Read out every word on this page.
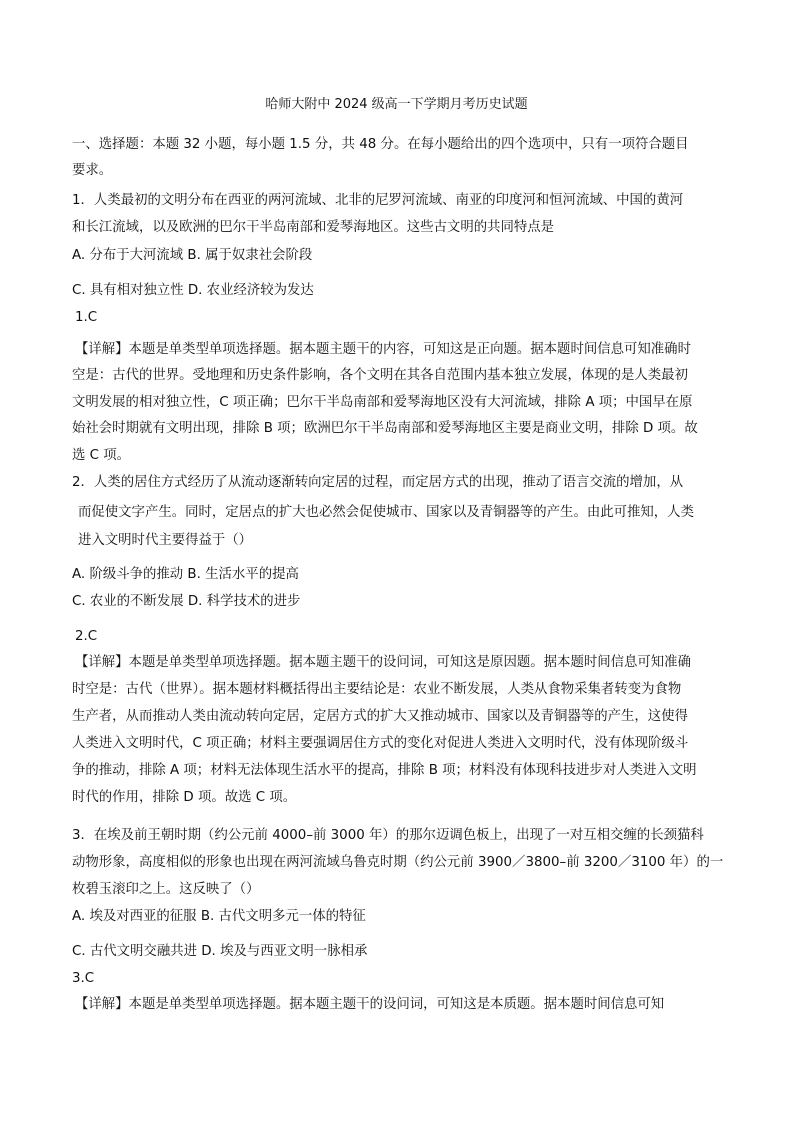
哈师大附中 2024 级高一下学期月考历史试题
一、选择题：本题 32 小题，每小题 1.5 分，共 48 分。在每小题给出的四个选项中，只有一项符合题目
要求。
1．人类最初的文明分布在西亚的两河流域、北非的尼罗河流域、南亚的印度河和恒河流域、中国的黄河
和长江流域，以及欧洲的巴尔干半岛南部和爱琴海地区。这些古文明的共同特点是
A. 分布于大河流域 B. 属于奴隶社会阶段
C. 具有相对独立性 D. 农业经济较为发达
1.C
【详解】本题是单类型单项选择题。据本题主题干的内容，可知这是正向题。据本题时间信息可知准确时
空是：古代的世界。受地理和历史条件影响，各个文明在其各自范围内基本独立发展，体现的是人类最初
文明发展的相对独立性，C 项正确；巴尔干半岛南部和爱琴海地区没有大河流域，排除 A 项；中国早在原
始社会时期就有文明出现，排除 B 项；欧洲巴尔干半岛南部和爱琴海地区主要是商业文明，排除 D 项。故
选 C 项。
2．人类的居住方式经历了从流动逐渐转向定居的过程，而定居方式的出现，推动了语言交流的增加，从
而促使文字产生。同时，定居点的扩大也必然会促使城市、国家以及青铜器等的产生。由此可推知，人类
进入文明时代主要得益于（）
A. 阶级斗争的推动 B. 生活水平的提高
C. 农业的不断发展 D. 科学技术的进步
2.C
【详解】本题是单类型单项选择题。据本题主题干的设问词，可知这是原因题。据本题时间信息可知准确
时空是：古代（世界）。据本题材料概括得出主要结论是：农业不断发展，人类从食物采集者转变为食物
生产者，从而推动人类由流动转向定居，定居方式的扩大又推动城市、国家以及青铜器等的产生，这使得
人类进入文明时代，C 项正确；材料主要强调居住方式的变化对促进人类进入文明时代，没有体现阶级斗
争的推动，排除 A 项；材料无法体现生活水平的提高，排除 B 项；材料没有体现科技进步对人类进入文明
时代的作用，排除 D 项。故选 C 项。
3．在埃及前王朝时期（约公元前 4000–前 3000 年）的那尔迈调色板上，出现了一对互相交缠的长颈猫科
动物形象，高度相似的形象也出现在两河流域乌鲁克时期（约公元前 3900／3800–前 3200／3100 年）的一
枚碧玉滚印之上。这反映了（）
A. 埃及对西亚的征服 B. 古代文明多元一体的特征
C. 古代文明交融共进 D. 埃及与西亚文明一脉相承
3.C
【详解】本题是单类型单项选择题。据本题主题干的设问词，可知这是本质题。据本题时间信息可知
